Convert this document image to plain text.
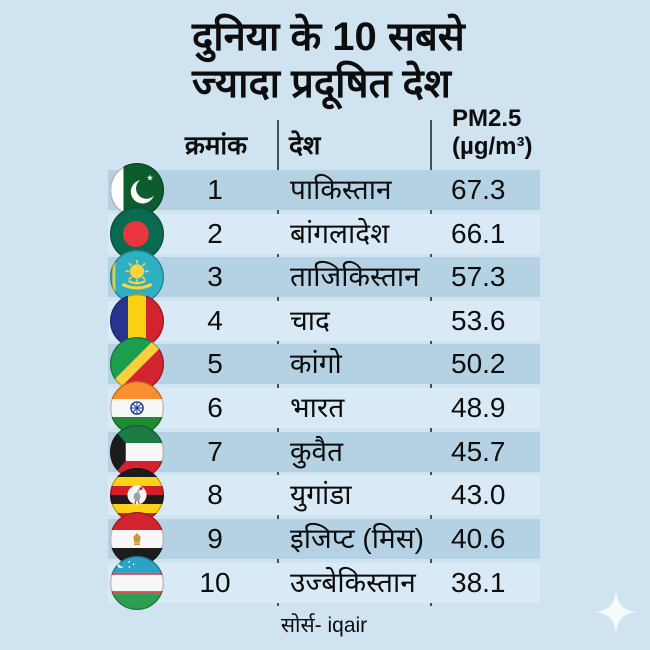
दुनिया के 10 सबसे
ज्यादा प्रदूषित देश
क्रमांक	देश
PM2.5
(µg/m³)
1	पाकिस्तान 67.3
2	बांगलादेश 66.1
3	ताजिकिस्तान 57.3
4	चाद	53.6
5	कांगो	50.2
6	भारत	48.9
7	कुवैत	45.7
8	युगांडा	43.0
9	इजिप्ट (मिस) 40.6
10	उज्बेकिस्तान 38.1
सोर्स- iqair
